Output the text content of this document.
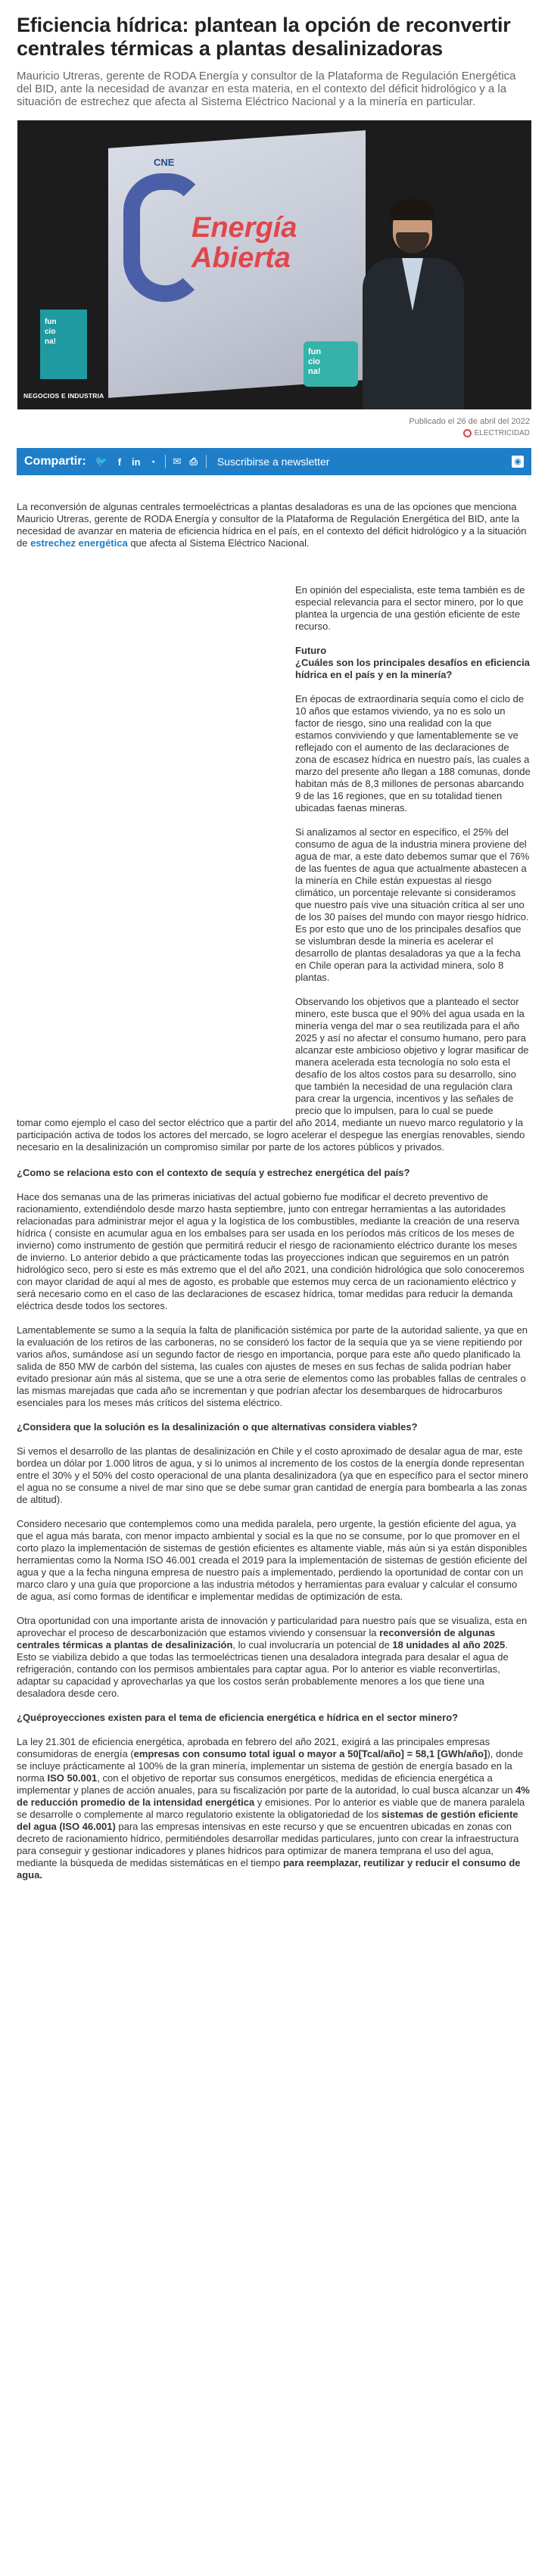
Eficiencia hídrica: plantean la opción de reconvertir centrales térmicas a plantas desalinizadoras

Mauricio Utreras, gerente de RODA Energía y consultor de la Plataforma de Regulación Energética del BID, ante la necesidad de avanzar en esta materia, en el contexto del déficit hidrológico y a la situación de estrechez que afecta al Sistema Eléctrico Nacional y a la minería en particular.

CNE
Energía
Abierta
fun
cio
na!
fun
cio
na!
NEGOCIOS E INDUSTRIA
Publicado el 26 de abril del 2022
ELECTRICIDAD
Compartir: 🐦 f in ◔ ✉ ⎙ Suscribirse a newsletter	◉

La reconversión de algunas centrales termoeléctricas a plantas desaladoras es una de las opciones que menciona Mauricio Utreras, gerente de RODA Energía y consultor de la Plataforma de Regulación Energética del BID, ante la necesidad de avanzar en materia de eficiencia hídrica en el país, en el contexto del déficit hidrológico y a la situación de estrechez energética que afecta al Sistema Eléctrico Nacional.

En opinión del especialista, este tema también es de especial relevancia para el sector minero, por lo que plantea la urgencia de una gestión eficiente de este recurso.

Futuro
¿Cuáles son los principales desafíos en eficiencia hídrica en el país y en la minería?

En épocas de extraordinaria sequía como el ciclo de 10 años que estamos viviendo, ya no es solo un factor de riesgo, sino una realidad con la que estamos conviviendo y que lamentablemente se ve reflejado con el aumento de las declaraciones de zona de escasez hídrica en nuestro país, las cuales a marzo del presente año llegan a 188 comunas, donde habitan más de 8,3 millones de personas abarcando 9 de las 16 regiones, que en su totalidad tienen ubicadas faenas mineras.

Si analizamos al sector en específico, el 25% del consumo de agua de la industria minera proviene del agua de mar, a este dato debemos sumar que el 76% de las fuentes de agua que actualmente abastecen a la minería en Chile están expuestas al riesgo climático, un porcentaje relevante si consideramos que nuestro país vive una situación crítica al ser uno de los 30 países del mundo con mayor riesgo hídrico. Es por esto que uno de los principales desafíos que se vislumbran desde la minería es acelerar el desarrollo de plantas desaladoras ya que a la fecha en Chile operan para la actividad minera, solo 8 plantas.

Observando los objetivos que a planteado el sector minero, este busca que el 90% del agua usada en la minería venga del mar o sea reutilizada para el año 2025 y así no afectar el consumo humano, pero para alcanzar este ambicioso objetivo y lograr masificar de manera acelerada esta tecnología no solo esta el desafío de los altos costos para su desarrollo, sino que también la necesidad de una regulación clara para crear la urgencia, incentivos y las señales de precio que lo impulsen, para lo cual se puede

tomar como ejemplo el caso del sector eléctrico que a partir del año 2014, mediante un nuevo marco regulatorio y la participación activa de todos los actores del mercado, se logro acelerar el despegue las energías renovables, siendo necesario en la desalinización un compromiso similar por parte de los actores públicos y privados.

¿Como se relaciona esto con el contexto de sequía y estrechez energética del país?

Hace dos semanas una de las primeras iniciativas del actual gobierno fue modificar el decreto preventivo de racionamiento, extendiéndolo desde marzo hasta septiembre, junto con entregar herramientas a las autoridades relacionadas para administrar mejor el agua y la logística de los combustibles, mediante la creación de una reserva hídrica ( consiste en acumular agua en los embalses para ser usada en los períodos más críticos de los meses de invierno) como instrumento de gestión que permitirá reducir el riesgo de racionamiento eléctrico durante los meses de invierno. Lo anterior debido a que prácticamente todas las proyecciones indican que seguiremos en un patrón hidrológico seco, pero si este es más extremo que el del año 2021, una condición hidrológica que solo conoceremos con mayor claridad de aquí al mes de agosto, es probable que estemos muy cerca de un racionamiento eléctrico y será necesario como en el caso de las declaraciones de escasez hídrica, tomar medidas para reducir la demanda eléctrica desde todos los sectores.

Lamentablemente se sumo a la sequía la falta de planificación sistémica por parte de la autoridad saliente, ya que en la evaluación de los retiros de las carboneras, no se consideró los factor de la sequía que ya se viene repitiendo por varios años, sumándose así un segundo factor de riesgo en importancia, porque para este año quedo planificado la salida de 850 MW de carbón del sistema, las cuales con ajustes de meses en sus fechas de salida podrían haber evitado presionar aún más al sistema, que se une a otra serie de elementos como las probables fallas de centrales o las mismas marejadas que cada año se incrementan y que podrían afectar los desembarques de hidrocarburos esenciales para los meses más críticos del sistema eléctrico.

¿Considera que la solución es la desalinización o que alternativas considera viables?

Si vemos el desarrollo de las plantas de desalinización en Chile y el costo aproximado de desalar agua de mar, este bordea un dólar por 1.000 litros de agua, y si lo unimos al incremento de los costos de la energía donde representan entre el 30% y el 50% del costo operacional de una planta desalinizadora (ya que en específico para el sector minero el agua no se consume a nivel de mar sino que se debe sumar gran cantidad de energía para bombearla a las zonas de altitud).

Considero necesario que contemplemos como una medida paralela, pero urgente, la gestión eficiente del agua, ya que el agua más barata, con menor impacto ambiental y social es la que no se consume, por lo que promover en el corto plazo la implementación de sistemas de gestión eficientes es altamente viable, más aún si ya están disponibles herramientas como la Norma ISO 46.001 creada el 2019 para la implementación de sistemas de gestión eficiente del agua y que a la fecha ninguna empresa de nuestro país a implementado, perdiendo la oportunidad de contar con un marco claro y una guía que proporcione a las industria métodos y herramientas para evaluar y calcular el consumo de agua, así como formas de identificar e implementar medidas de optimización de esta.

Otra oportunidad con una importante arista de innovación y particularidad para nuestro país que se visualiza, esta en aprovechar el proceso de descarbonización que estamos viviendo y consensuar la reconversión de algunas centrales térmicas a plantas de desalinización, lo cual involucraría un potencial de 18 unidades al año 2025. Esto se viabiliza debido a que todas las termoeléctricas tienen una desaladora integrada para desalar el agua de refrigeración, contando con los permisos ambientales para captar agua. Por lo anterior es viable reconvertirlas, adaptar su capacidad y aprovecharlas ya que los costos serán probablemente menores a los que tiene una desaladora desde cero.

¿Quéproyecciones existen para el tema de eficiencia energética e hídrica en el sector minero?

La ley 21.301 de eficiencia energética, aprobada en febrero del año 2021, exigirá a las principales empresas consumidoras de energía (empresas con consumo total igual o mayor a 50[Tcal/año] = 58,1 [GWh/año]), donde se incluye prácticamente al 100% de la gran minería, implementar un sistema de gestión de energía basado en la norma ISO 50.001, con el objetivo de reportar sus consumos energéticos, medidas de eficiencia energética a implementar y planes de acción anuales, para su fiscalización por parte de la autoridad, lo cual busca alcanzar un 4% de reducción promedio de la intensidad energética y emisiones. Por lo anterior es viable que de manera paralela se desarrolle o complemente al marco regulatorio existente la obligatoriedad de los sistemas de gestión eficiente del agua (ISO 46.001) para las empresas intensivas en este recurso y que se encuentren ubicadas en zonas con decreto de racionamiento hídrico, permitiéndoles desarrollar medidas particulares, junto con crear la infraestructura para conseguir y gestionar indicadores y planes hídricos para optimizar de manera temprana el uso del agua, mediante la búsqueda de medidas sistemáticas en el tiempo para reemplazar, reutilizar y reducir el consumo de agua.
